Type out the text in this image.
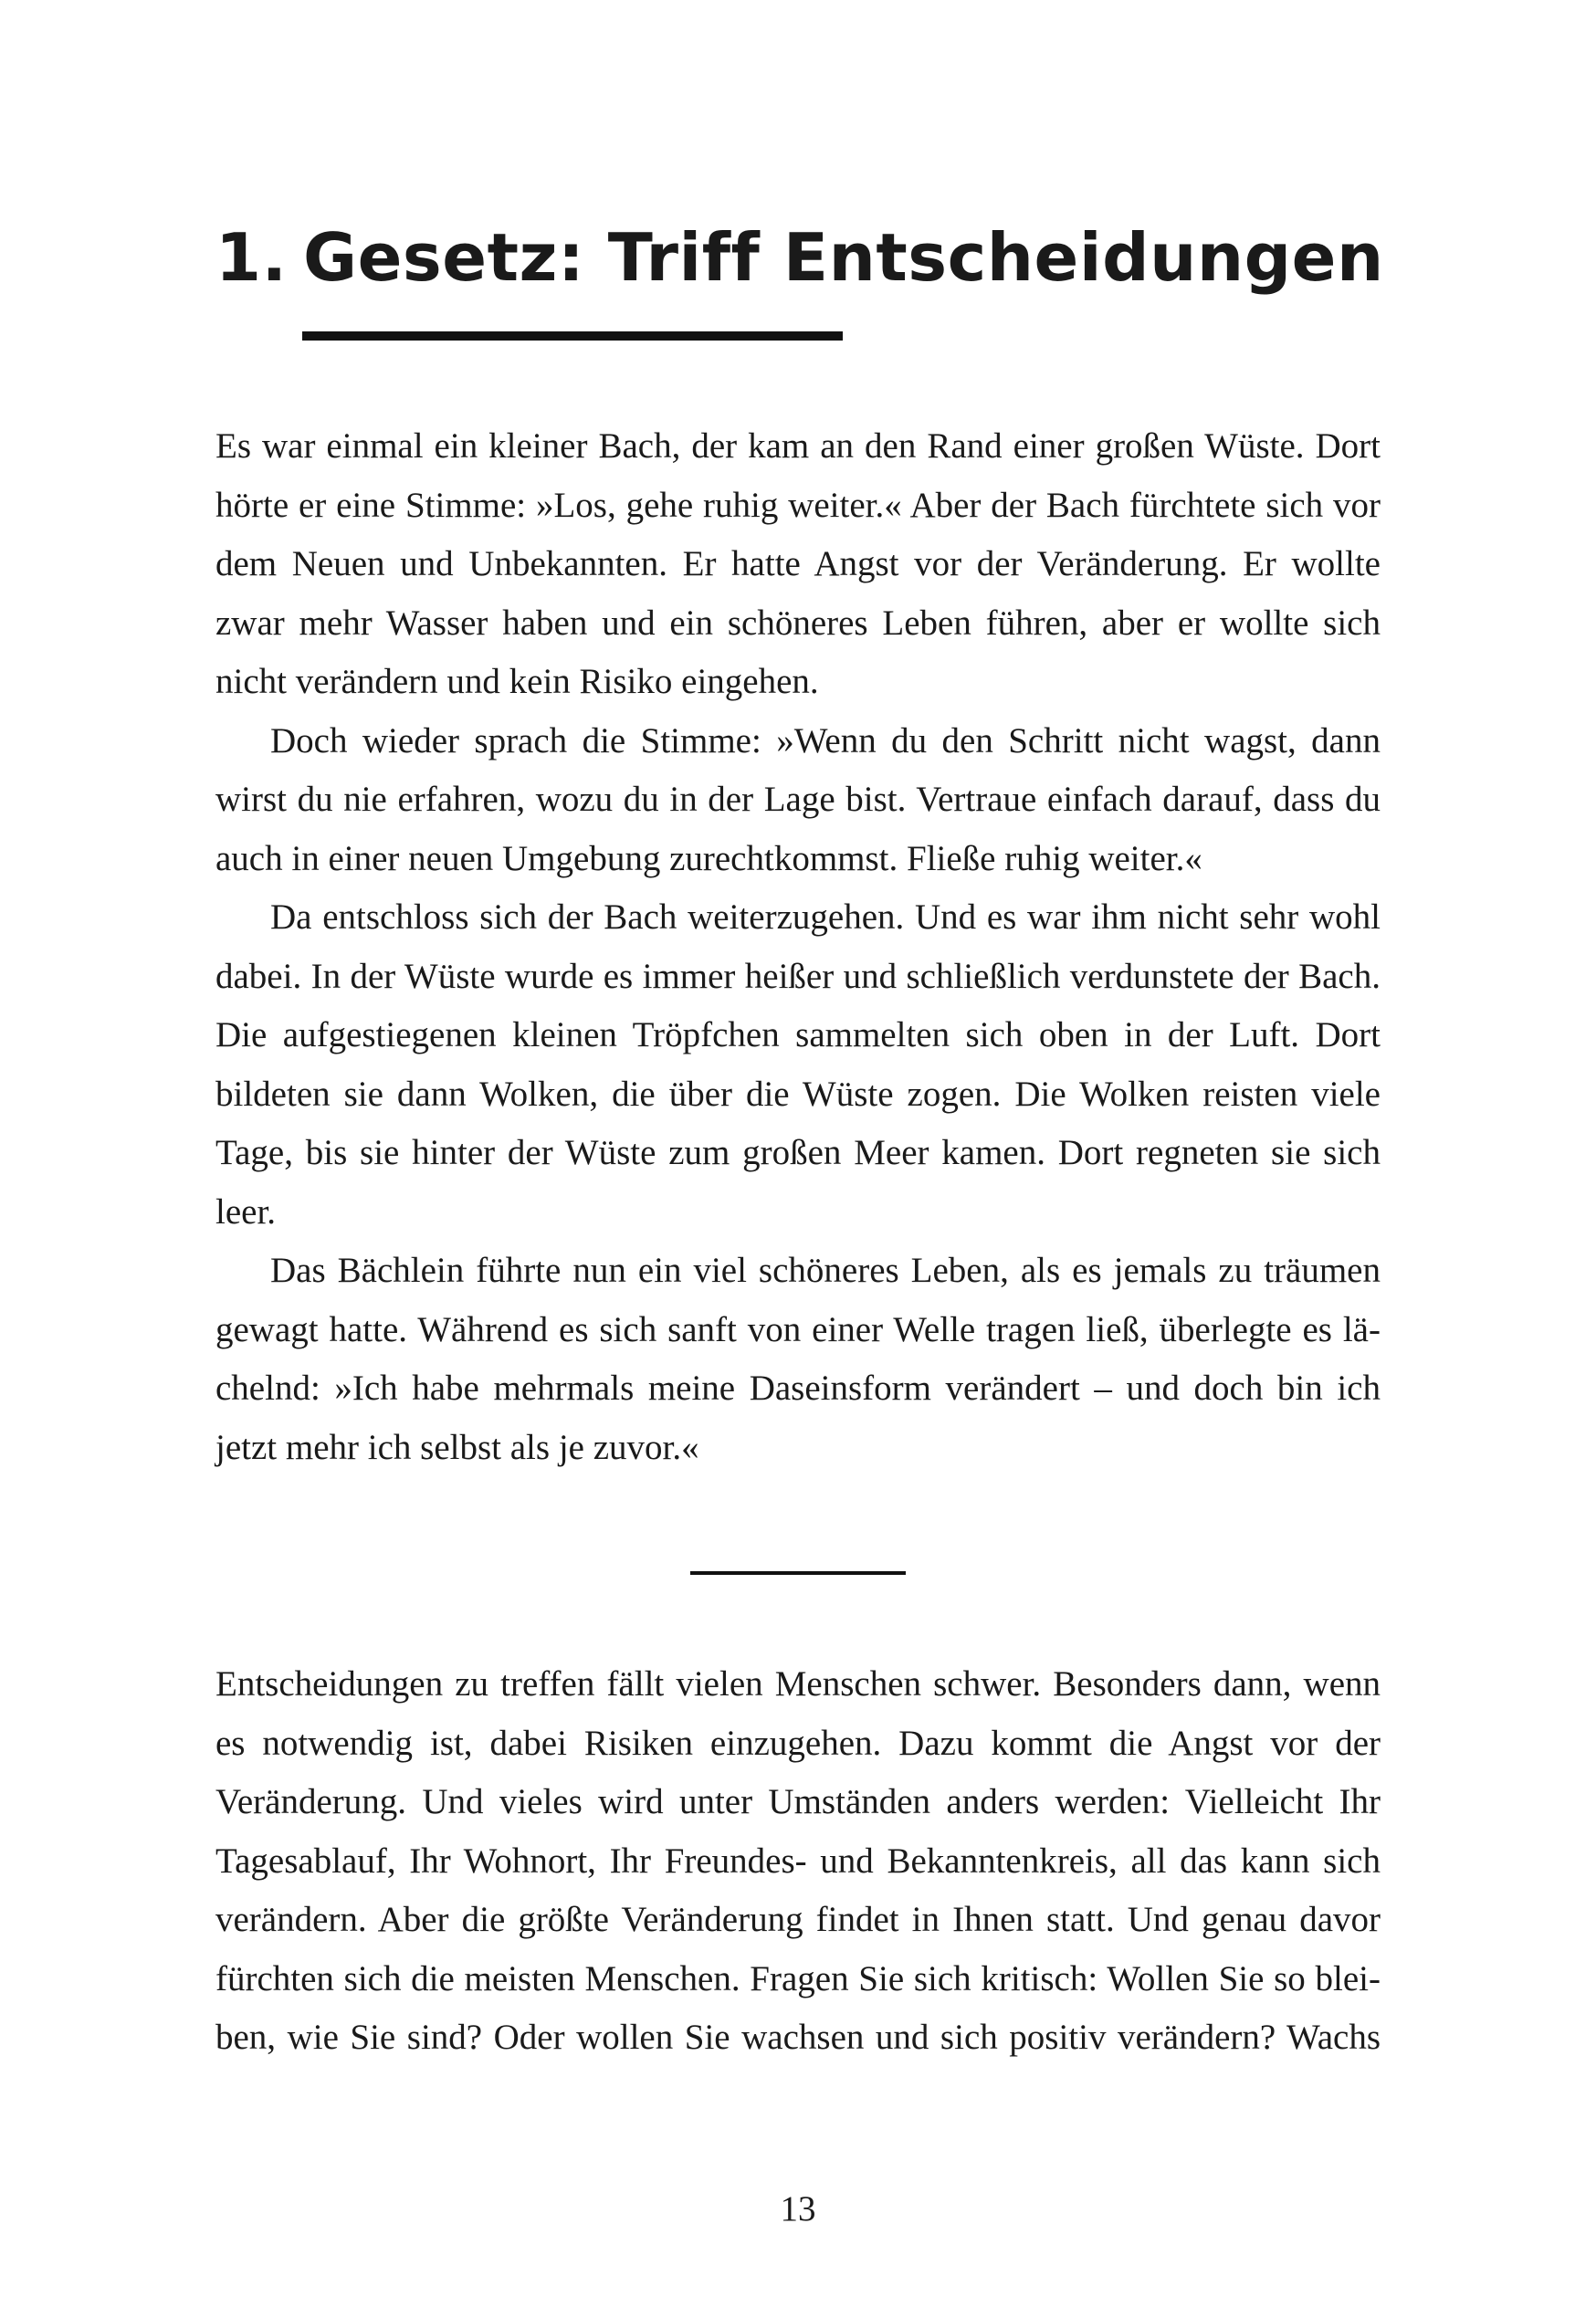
1. Gesetz: Triff Entscheidungen

Es war einmal ein kleiner Bach, der kam an den Rand einer großen Wüste. Dort hörte er eine Stimme: »Los, gehe ruhig weiter.« Aber der Bach fürchtete sich vor dem Neuen und Unbekannten. Er hatte Angst vor der Veränderung. Er wollte zwar mehr Wasser haben und ein schöneres Leben führen, aber er wollte sich nicht verändern und kein Risiko eingehen.

Doch wieder sprach die Stimme: »Wenn du den Schritt nicht wagst, dann wirst du nie erfahren, wozu du in der Lage bist. Vertraue einfach darauf, dass du auch in einer neuen Umgebung zurechtkommst. Fließe ruhig weiter.«

Da entschloss sich der Bach weiterzugehen. Und es war ihm nicht sehr wohl dabei. In der Wüste wurde es immer heißer und schließlich verdunstete der Bach. Die aufgestiegenen kleinen Tröpfchen sammelten sich oben in der Luft. Dort bildeten sie dann Wolken, die über die Wüste zogen. Die Wolken reisten viele Tage, bis sie hinter der Wüste zum großen Meer kamen. Dort regneten sie sich leer.

Das Bächlein führte nun ein viel schöneres Leben, als es jemals zu träumen gewagt hatte. Während es sich sanft von einer Welle tragen ließ, überlegte es lächelnd: »Ich habe mehrmals meine Daseinsform verändert – und doch bin ich jetzt mehr ich selbst als je zuvor.«

Entscheidungen zu treffen fällt vielen Menschen schwer. Besonders dann, wenn es notwendig ist, dabei Risiken einzugehen. Dazu kommt die Angst vor der Veränderung. Und vieles wird unter Umständen anders werden: Vielleicht Ihr Tagesablauf, Ihr Wohnort, Ihr Freundes- und Bekanntenkreis, all das kann sich verändern. Aber die größte Veränderung findet in Ihnen statt. Und genau davor fürchten sich die meisten Menschen. Fragen Sie sich kritisch: Wollen Sie so bleiben, wie Sie sind? Oder wollen Sie wachsen und sich positiv verändern? Wachs

13
